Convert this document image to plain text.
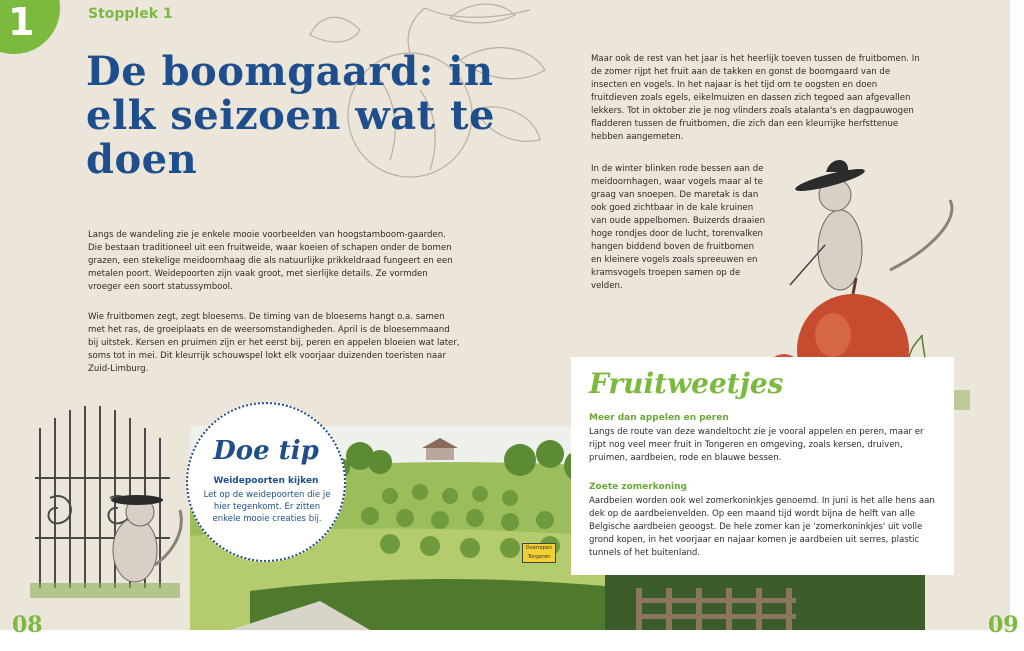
1	Stopplek 1
De boomgaard: in elk seizoen wat te doen

Langs de wandeling zie je enkele mooie voorbeelden van hoogstamboom-gaarden. Die bestaan traditioneel uit een fruitweide, waar koeien of schapen onder de bomen grazen, een stekelige meidoornhaag die als natuurlijke prikkeldraad fungeert en een metalen poort. Weidepoorten zijn vaak groot, met sierlijke details. Ze vormden vroeger een soort statussymbool.

Wie fruitbomen zegt, zegt bloesems. De timing van de bloesems hangt o.a. samen met het ras, de groeiplaats en de weersomstandigheden. April is de bloesemmaand bij uitstek. Kersen en pruimen zijn er het eerst bij, peren en appelen bloeien wat later, soms tot in mei. Dit kleurrijk schouwspel lokt elk voorjaar duizenden toeristen naar Zuid-Limburg.

Maar ook de rest van het jaar is het heerlijk toeven tussen de fruitbomen. In de zomer rijpt het fruit aan de takken en gonst de boomgaard van de insecten en vogels. In het najaar is het tijd om te oogsten en doen fruitdieven zoals egels, eikelmuizen en dassen zich tegoed aan afgevallen lekkers. Tot in oktober zie je nog vlinders zoals atalanta's en dagpauwogen fladderen tussen de fruitbomen, die zich dan een kleurrijke herfsttenue hebben aangemeten.

In de winter blinken rode bessen aan de meidoornhagen, waar vogels maar al te graag van snoepen. De maretak is dan ook goed zichtbaar in de kale kruinen van oude appelbomen. Buizerds draaien hoge rondjes door de lucht, torenvalken hangen biddend boven de fruitbomen en kleinere vogels zoals spreeuwen en kramsvogels troepen samen op de velden.

Overrepen Tongeren
Doe tip
Weidepoorten kijken
Let op de weidepoorten die je hier tegenkomt. Er zitten enkele mooie creaties bij.
Fruitweetjes

Meer dan appelen en peren

Langs de route van deze wandeltocht zie je vooral appelen en peren, maar er rijpt nog veel meer fruit in Tongeren en omgeving, zoals kersen, druiven, pruimen, aardbeien, rode en blauwe bessen.

Zoete zomerkoning

Aardbeien worden ook wel zomerkoninkjes genoemd. In juni is het alle hens aan dek op de aardbeienvelden. Op een maand tijd wordt bijna de helft van alle Belgische aardbeien geoogst. De hele zomer kan je 'zomerkoninkjes' uit volle grond kopen, in het voorjaar en najaar komen je aardbeien uit serres, plastic tunnels of het buitenland.

08	09
